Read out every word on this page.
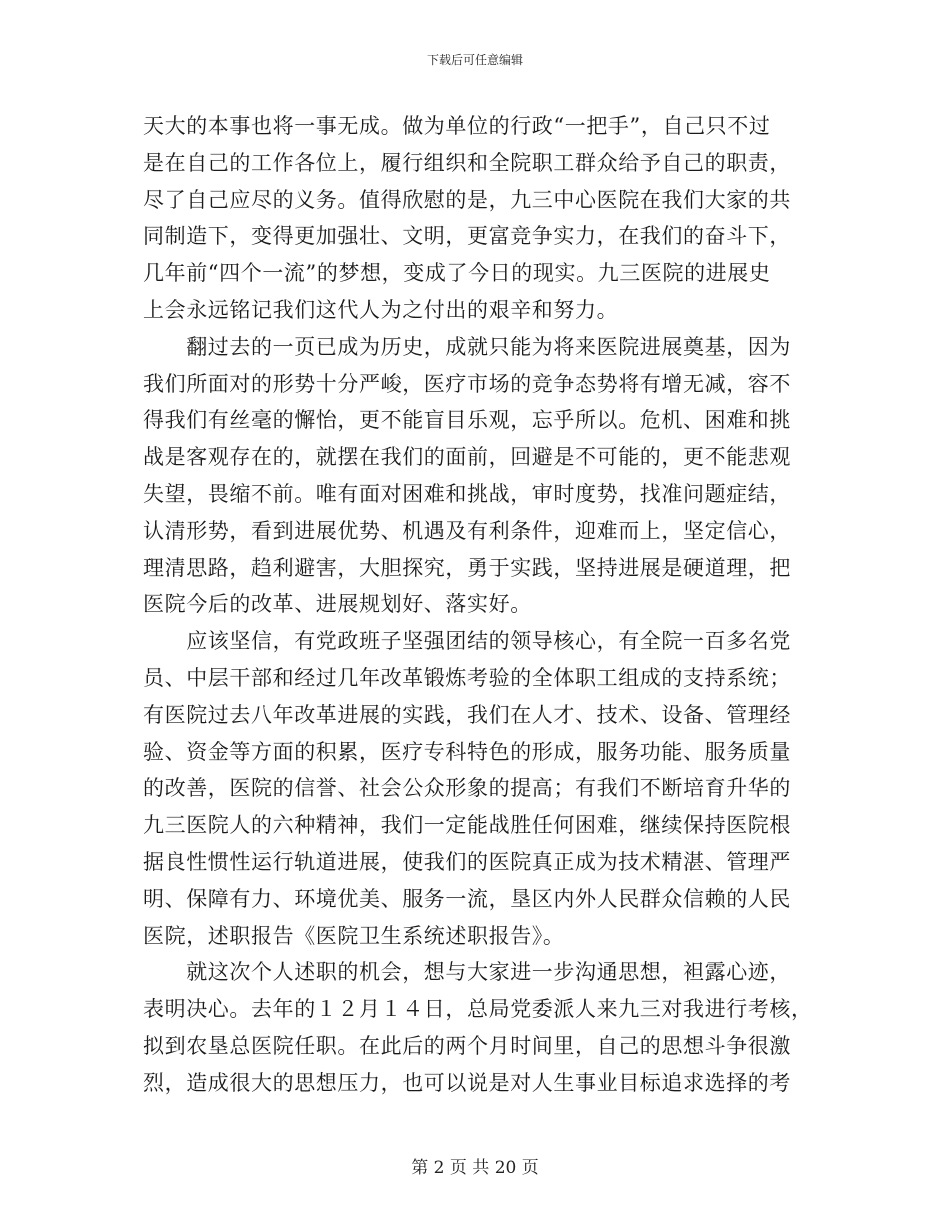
下载后可任意编辑

天大的本事也将一事无成。做为单位的行政“一把手”，自己只不过
是在自己的工作各位上，履行组织和全院职工群众给予自己的职责，
尽了自己应尽的义务。值得欣慰的是，九三中心医院在我们大家的共
同制造下，变得更加强壮、文明，更富竞争实力，在我们的奋斗下，
几年前“四个一流”的梦想，变成了今日的现实。九三医院的进展史
上会永远铭记我们这代人为之付出的艰辛和努力。

　　翻过去的一页已成为历史，成就只能为将来医院进展奠基，因为
我们所面对的形势十分严峻，医疗市场的竞争态势将有增无减，容不
得我们有丝毫的懈怡，更不能盲目乐观，忘乎所以。危机、困难和挑
战是客观存在的，就摆在我们的面前，回避是不可能的，更不能悲观
失望，畏缩不前。唯有面对困难和挑战，审时度势，找准问题症结，
认清形势，看到进展优势、机遇及有利条件，迎难而上，坚定信心，
理清思路，趋利避害，大胆探究，勇于实践，坚持进展是硬道理，把
医院今后的改革、进展规划好、落实好。

　　应该坚信，有党政班子坚强团结的领导核心，有全院一百多名党
员、中层干部和经过几年改革锻炼考验的全体职工组成的支持系统；
有医院过去八年改革进展的实践，我们在人才、技术、设备、管理经
验、资金等方面的积累，医疗专科特色的形成，服务功能、服务质量
的改善，医院的信誉、社会公众形象的提高；有我们不断培育升华的
九三医院人的六种精神，我们一定能战胜任何困难，继续保持医院根
据良性惯性运行轨道进展，使我们的医院真正成为技术精湛、管理严
明、保障有力、环境优美、服务一流，垦区内外人民群众信赖的人民
医院，述职报告《医院卫生系统述职报告》。

　　就这次个人述职的机会，想与大家进一步沟通思想，袒露心迹，
表明决心。去年的１２月１４日，总局党委派人来九三对我进行考核，
拟到农垦总医院任职。在此后的两个月时间里，自己的思想斗争很激
烈，造成很大的思想压力，也可以说是对人生事业目标追求选择的考

第 2 页 共 20 页
